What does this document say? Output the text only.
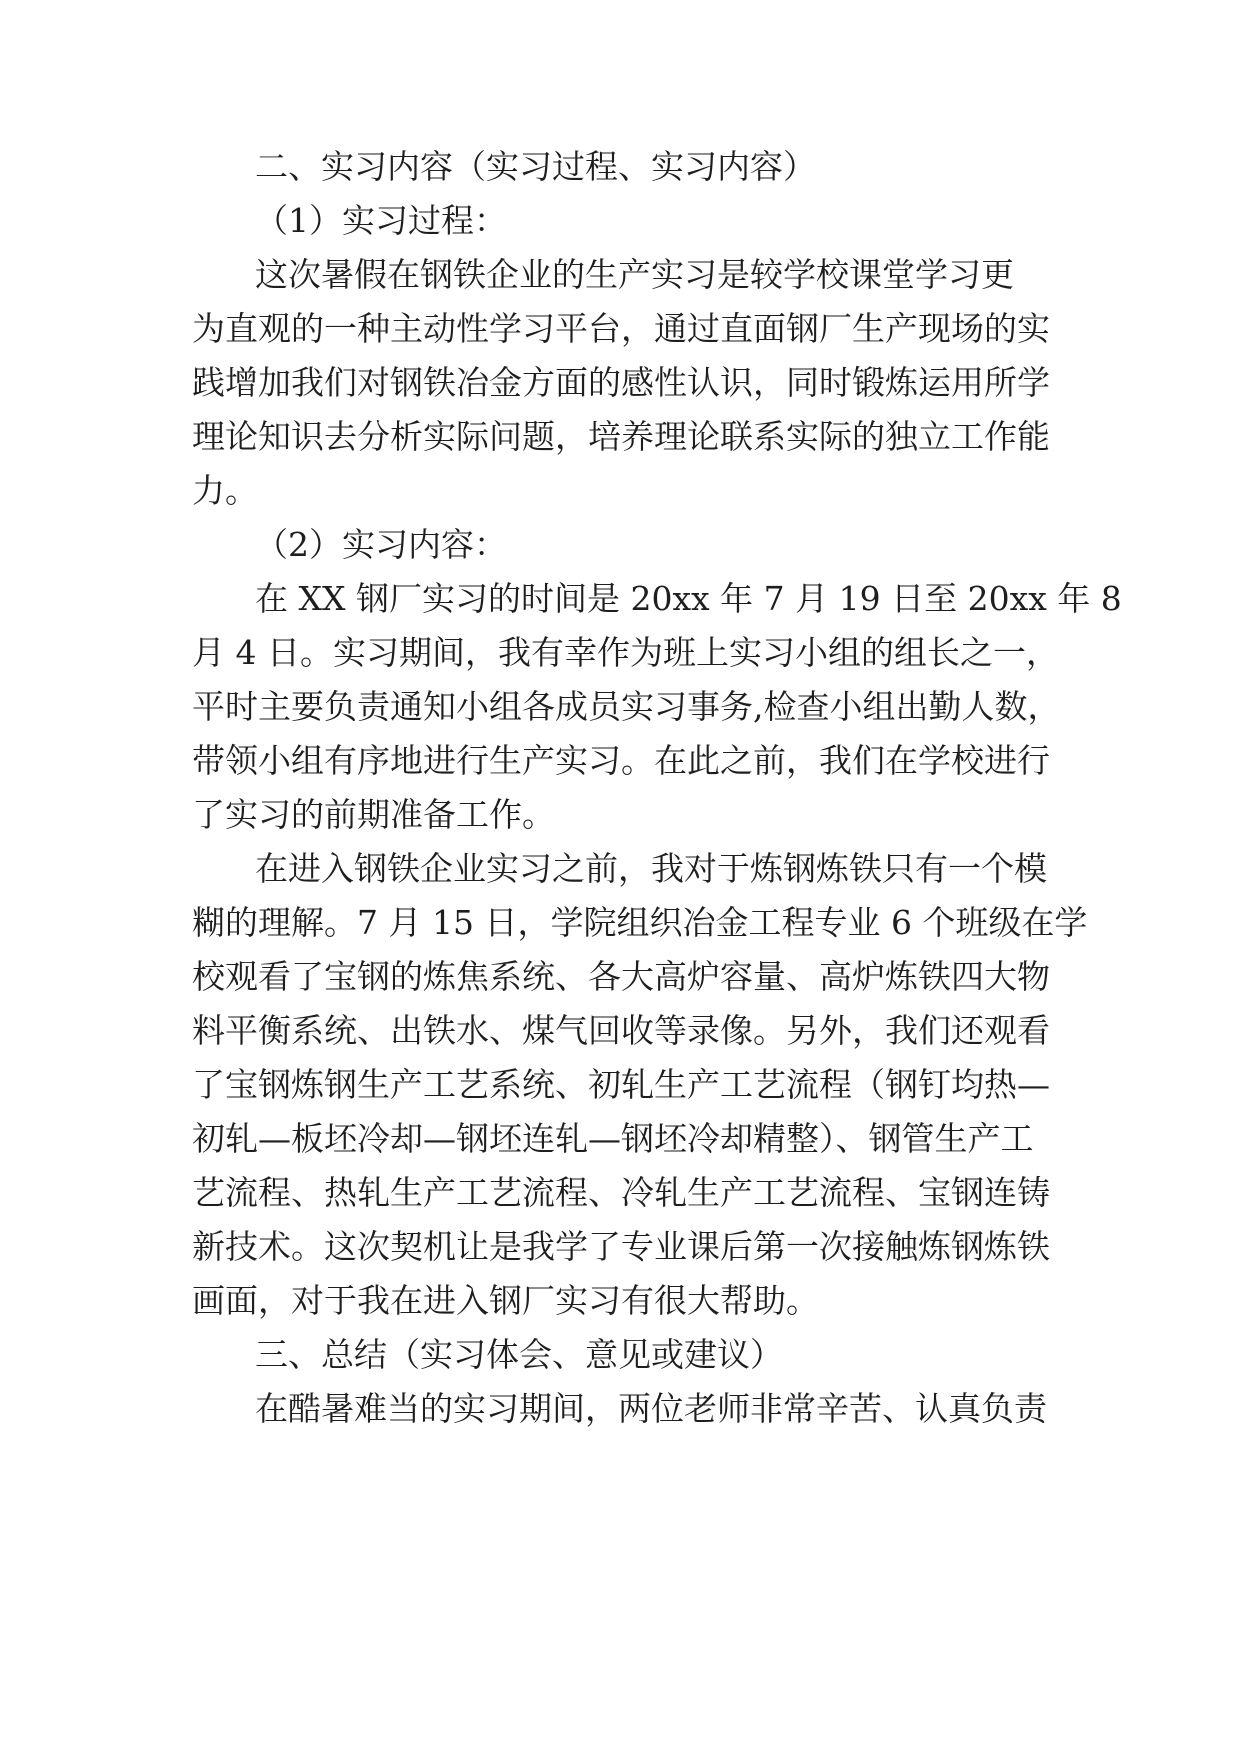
二、实习内容（实习过程、实习内容）

（1）实习过程：

这次暑假在钢铁企业的生产实习是较学校课堂学习更

为直观的一种主动性学习平台，通过直面钢厂生产现场的实

践增加我们对钢铁冶金方面的感性认识，同时锻炼运用所学

理论知识去分析实际问题，培养理论联系实际的独立工作能

力。

（2）实习内容：

在 XX 钢厂实习的时间是 20xx 年 7 月 19 日至 20xx 年 8

月 4 日。实习期间，我有幸作为班上实习小组的组长之一，

平时主要负责通知小组各成员实习事务,检查小组出勤人数，

带领小组有序地进行生产实习。在此之前，我们在学校进行

了实习的前期准备工作。

在进入钢铁企业实习之前，我对于炼钢炼铁只有一个模

糊的理解。7 月 15 日，学院组织冶金工程专业 6 个班级在学

校观看了宝钢的炼焦系统、各大高炉容量、高炉炼铁四大物

料平衡系统、出铁水、煤气回收等录像。另外，我们还观看

了宝钢炼钢生产工艺系统、初轧生产工艺流程（钢钉均热—

初轧—板坯冷却—钢坯连轧—钢坯冷却精整）、钢管生产工

艺流程、热轧生产工艺流程、冷轧生产工艺流程、宝钢连铸

新技术。这次契机让是我学了专业课后第一次接触炼钢炼铁

画面，对于我在进入钢厂实习有很大帮助。

三、总结（实习体会、意见或建议）

在酷暑难当的实习期间，两位老师非常辛苦、认真负责
